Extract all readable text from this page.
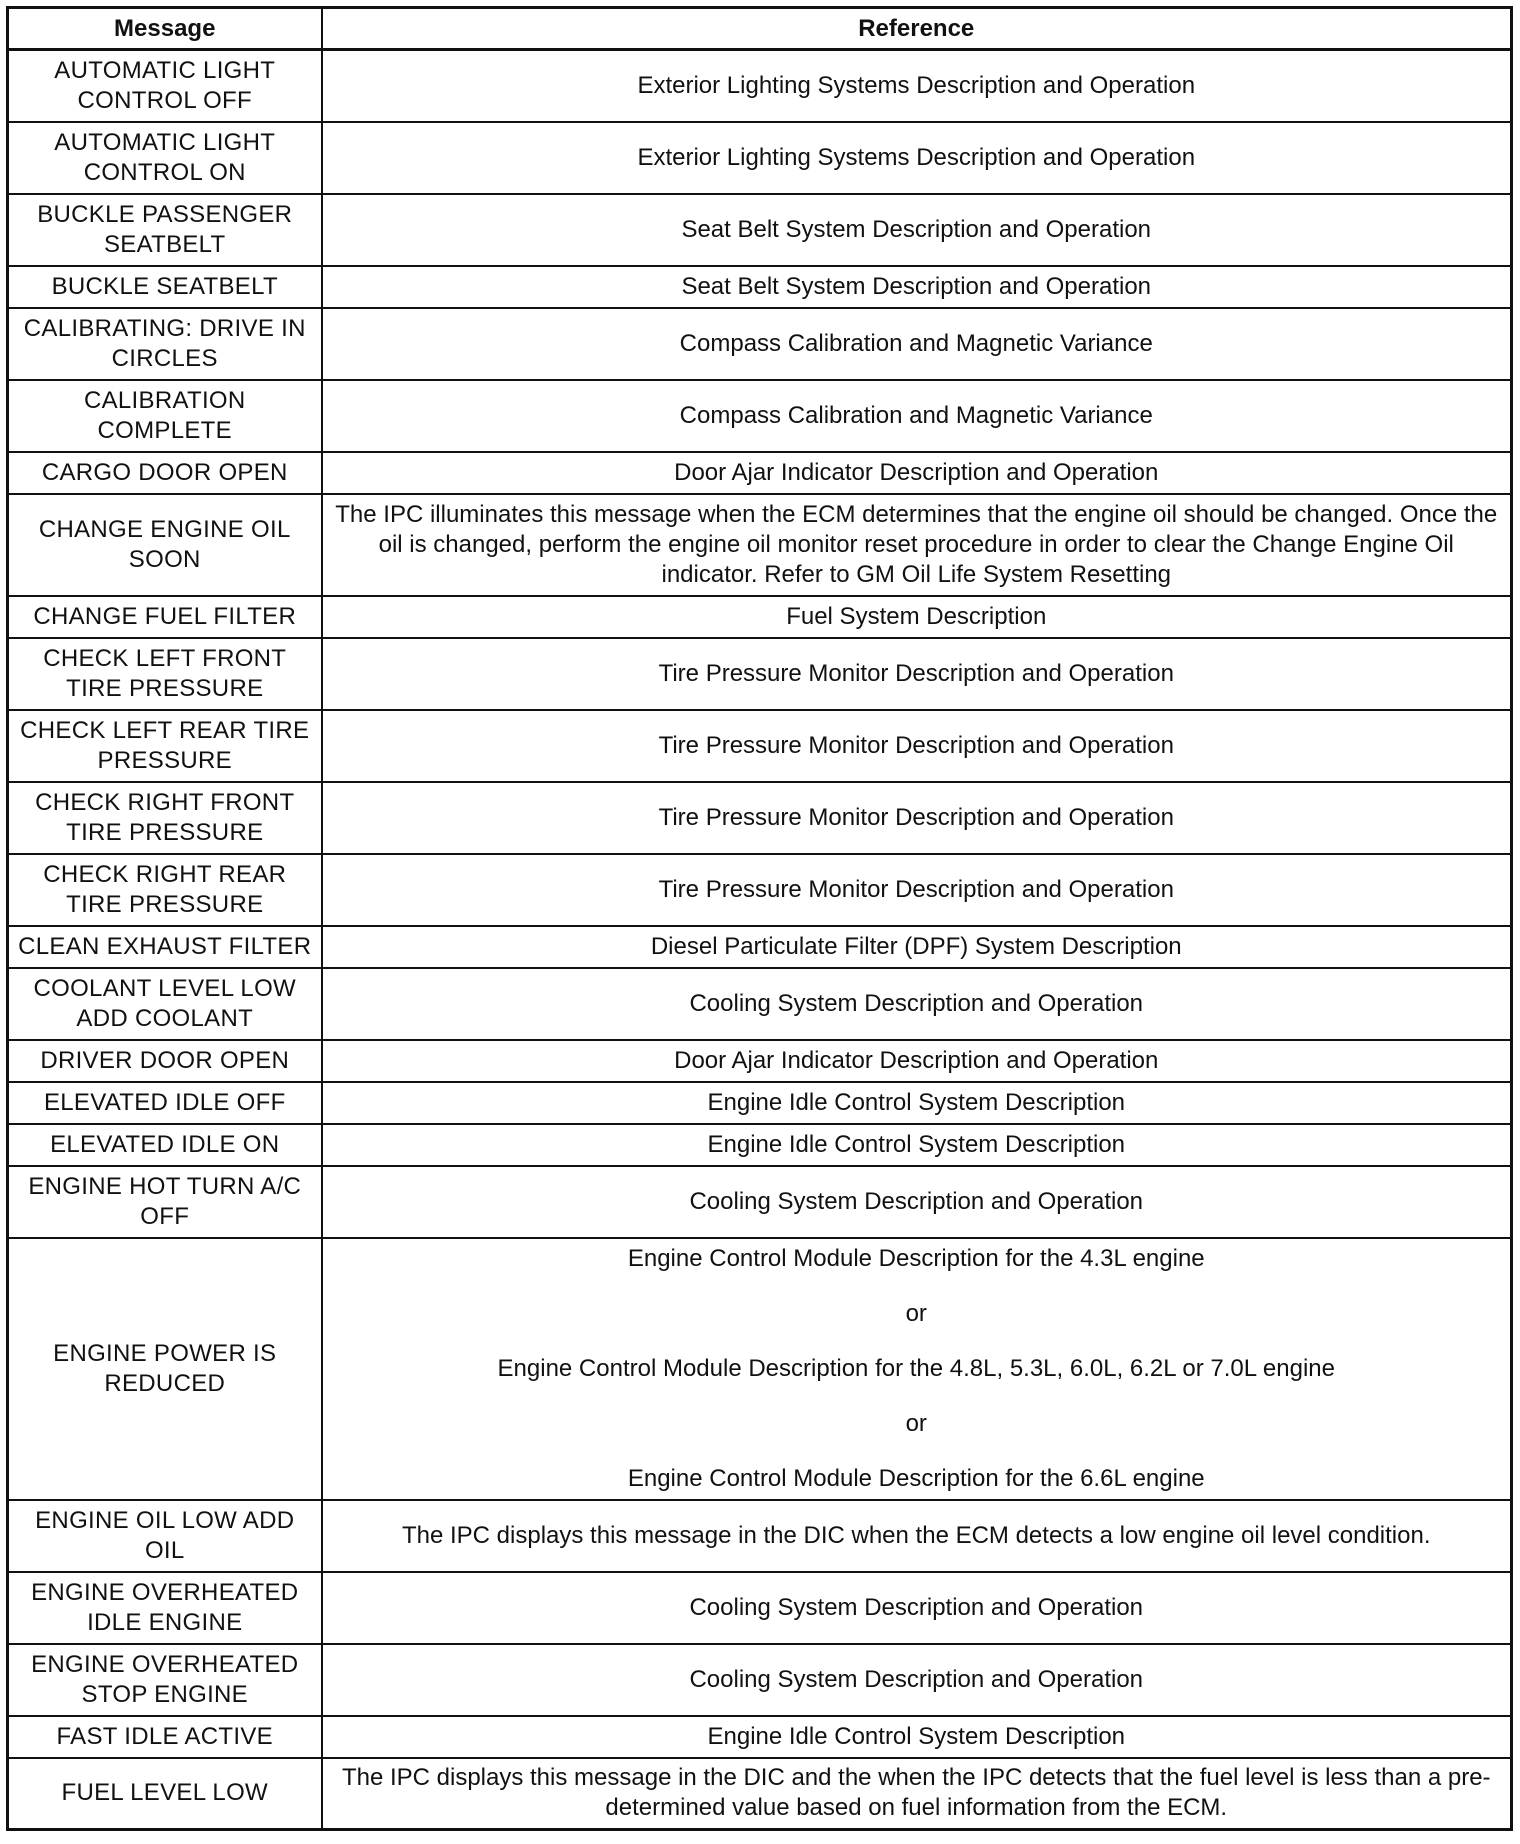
Message	Reference
AUTOMATIC LIGHT CONTROL OFF	Exterior Lighting Systems Description and Operation
AUTOMATIC LIGHT CONTROL ON	Exterior Lighting Systems Description and Operation
BUCKLE PASSENGER SEATBELT	Seat Belt System Description and Operation
BUCKLE SEATBELT	Seat Belt System Description and Operation
CALIBRATING: DRIVE IN CIRCLES	Compass Calibration and Magnetic Variance
CALIBRATION COMPLETE	Compass Calibration and Magnetic Variance
CARGO DOOR OPEN	Door Ajar Indicator Description and Operation
CHANGE ENGINE OIL SOON	The IPC illuminates this message when the ECM determines that the engine oil should be changed. Once the oil is changed, perform the engine oil monitor reset procedure in order to clear the Change Engine Oil indicator. Refer to GM Oil Life System Resetting
CHANGE FUEL FILTER	Fuel System Description
CHECK LEFT FRONT TIRE PRESSURE	Tire Pressure Monitor Description and Operation
CHECK LEFT REAR TIRE PRESSURE	Tire Pressure Monitor Description and Operation
CHECK RIGHT FRONT TIRE PRESSURE	Tire Pressure Monitor Description and Operation
CHECK RIGHT REAR TIRE PRESSURE	Tire Pressure Monitor Description and Operation
CLEAN EXHAUST FILTER	Diesel Particulate Filter (DPF) System Description
COOLANT LEVEL LOW ADD COOLANT	Cooling System Description and Operation
DRIVER DOOR OPEN	Door Ajar Indicator Description and Operation
ELEVATED IDLE OFF	Engine Idle Control System Description
ELEVATED IDLE ON	Engine Idle Control System Description
ENGINE HOT TURN A/C OFF	Cooling System Description and Operation
ENGINE POWER IS REDUCED	Engine Control Module Description for the 4.3L engine
or
Engine Control Module Description for the 4.8L, 5.3L, 6.0L, 6.2L or 7.0L engine
or
Engine Control Module Description for the 6.6L engine

ENGINE OIL LOW ADD OIL	The IPC displays this message in the DIC when the ECM detects a low engine oil level condition.
ENGINE OVERHEATED IDLE ENGINE	Cooling System Description and Operation
ENGINE OVERHEATED STOP ENGINE	Cooling System Description and Operation
FAST IDLE ACTIVE	Engine Idle Control System Description
FUEL LEVEL LOW	The IPC displays this message in the DIC and the when the IPC detects that the fuel level is less than a pre-determined value based on fuel information from the ECM.
